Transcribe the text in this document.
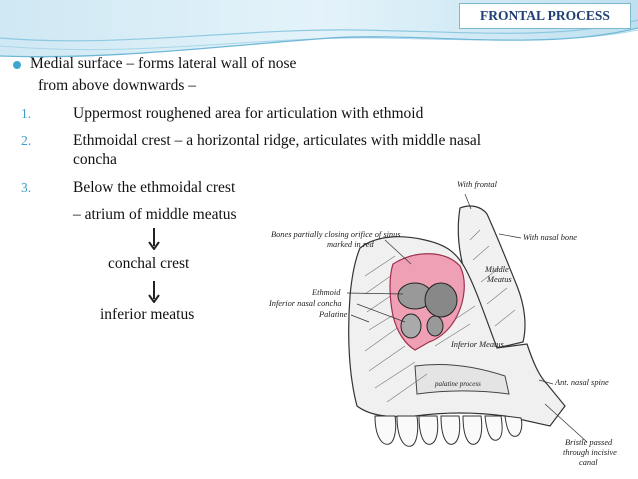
FRONTAL PROCESS
Medial surface – forms lateral wall of nose
from above downwards –
1.	Uppermost roughened area for articulation with ethmoid
2.	Ethmoidal crest – a horizontal ridge, articulates with middle nasal
concha
3.	Below the ethmoidal crest
– atrium of middle meatus
conchal crest
inferior meatus
With frontal
Bones partially closing orifice of sinus
marked in red
With nasal bone
Middle
Meatus
Ethmoid
Inferior nasal concha
Palatine
Inferior Meatus
Ant. nasal spine
Bristle passed
through incisive
canal
palatine process
